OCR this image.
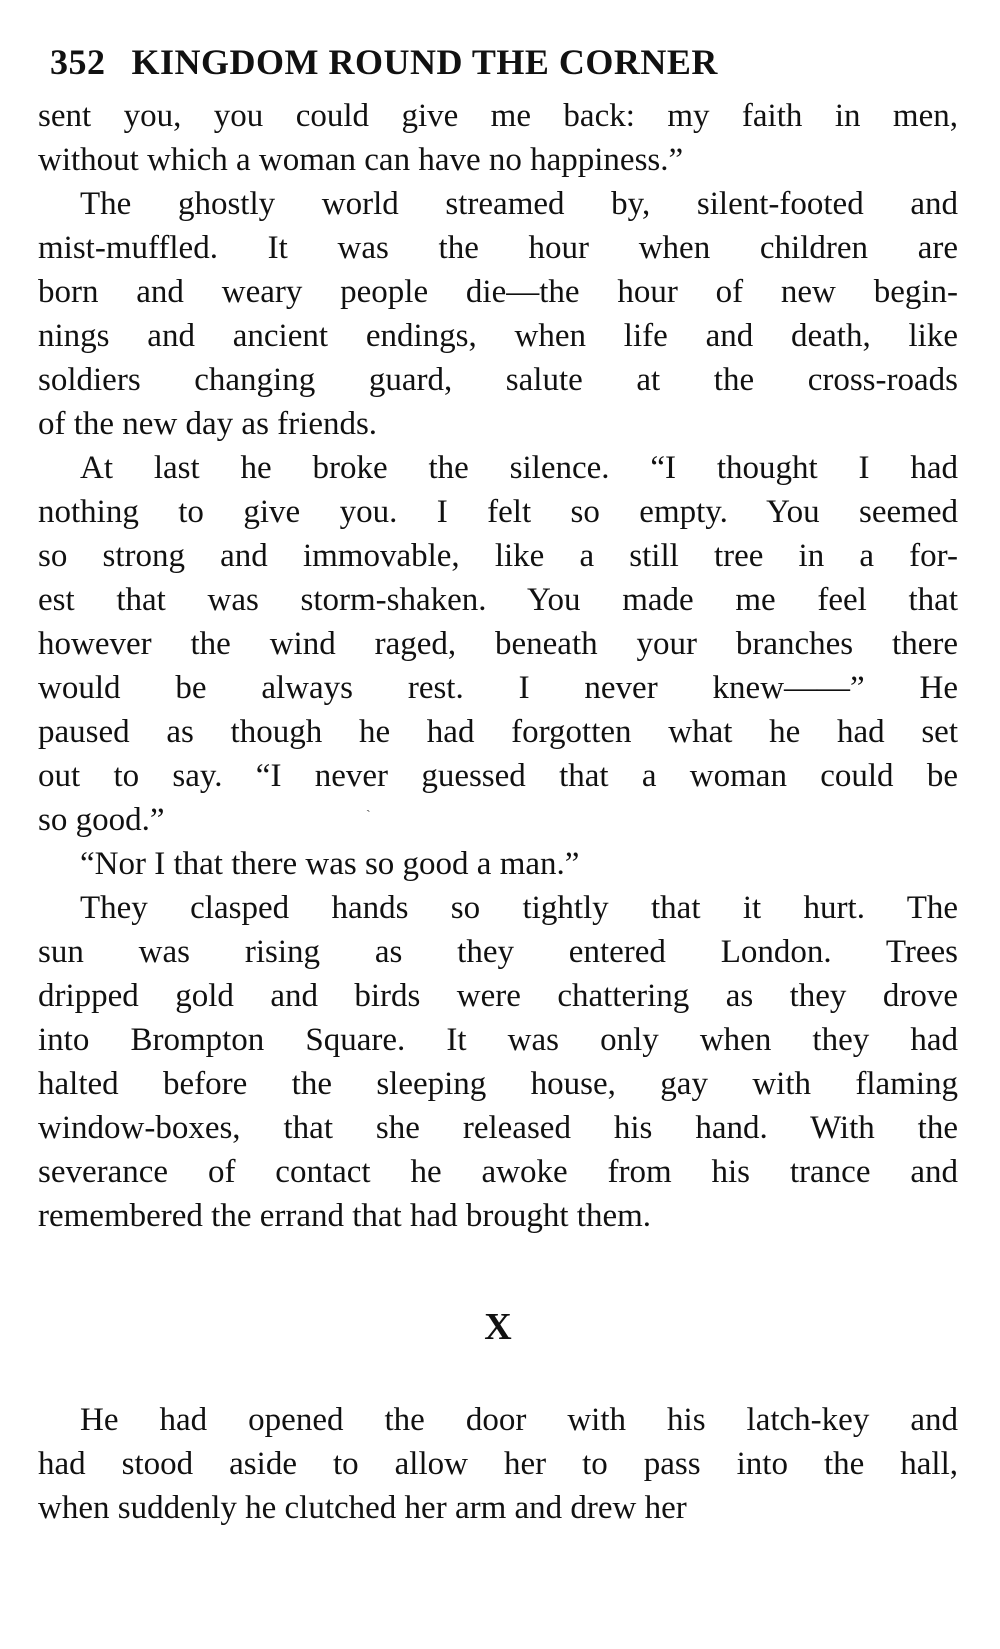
352 KINGDOM ROUND THE CORNER
sent you, you could give me back: my faith in men,
without which a woman can have no happiness.”
The ghostly world streamed by, silent-footed and
mist-muffled. It was the hour when children are
born and weary people die—the hour of new begin-
nings and ancient endings, when life and death, like
soldiers changing guard, salute at the cross-roads
of the new day as friends.
At last he broke the silence. “I thought I had
nothing to give you. I felt so empty. You seemed
so strong and immovable, like a still tree in a for-
est that was storm-shaken. You made me feel that
however the wind raged, beneath your branches there
would be always rest. I never knew——” He
paused as though he had forgotten what he had set
out to say. “I never guessed that a woman could be
so good.”
“Nor I that there was so good a man.”
They clasped hands so tightly that it hurt. The
sun was rising as they entered London. Trees
dripped gold and birds were chattering as they drove
into Brompton Square. It was only when they had
halted before the sleeping house, gay with flaming
window-boxes, that she released his hand. With the
severance of contact he awoke from his trance and
remembered the errand that had brought them.
X
He had opened the door with his latch-key and
had stood aside to allow her to pass into the hall,
when suddenly he clutched her arm and drew her
ˎ
